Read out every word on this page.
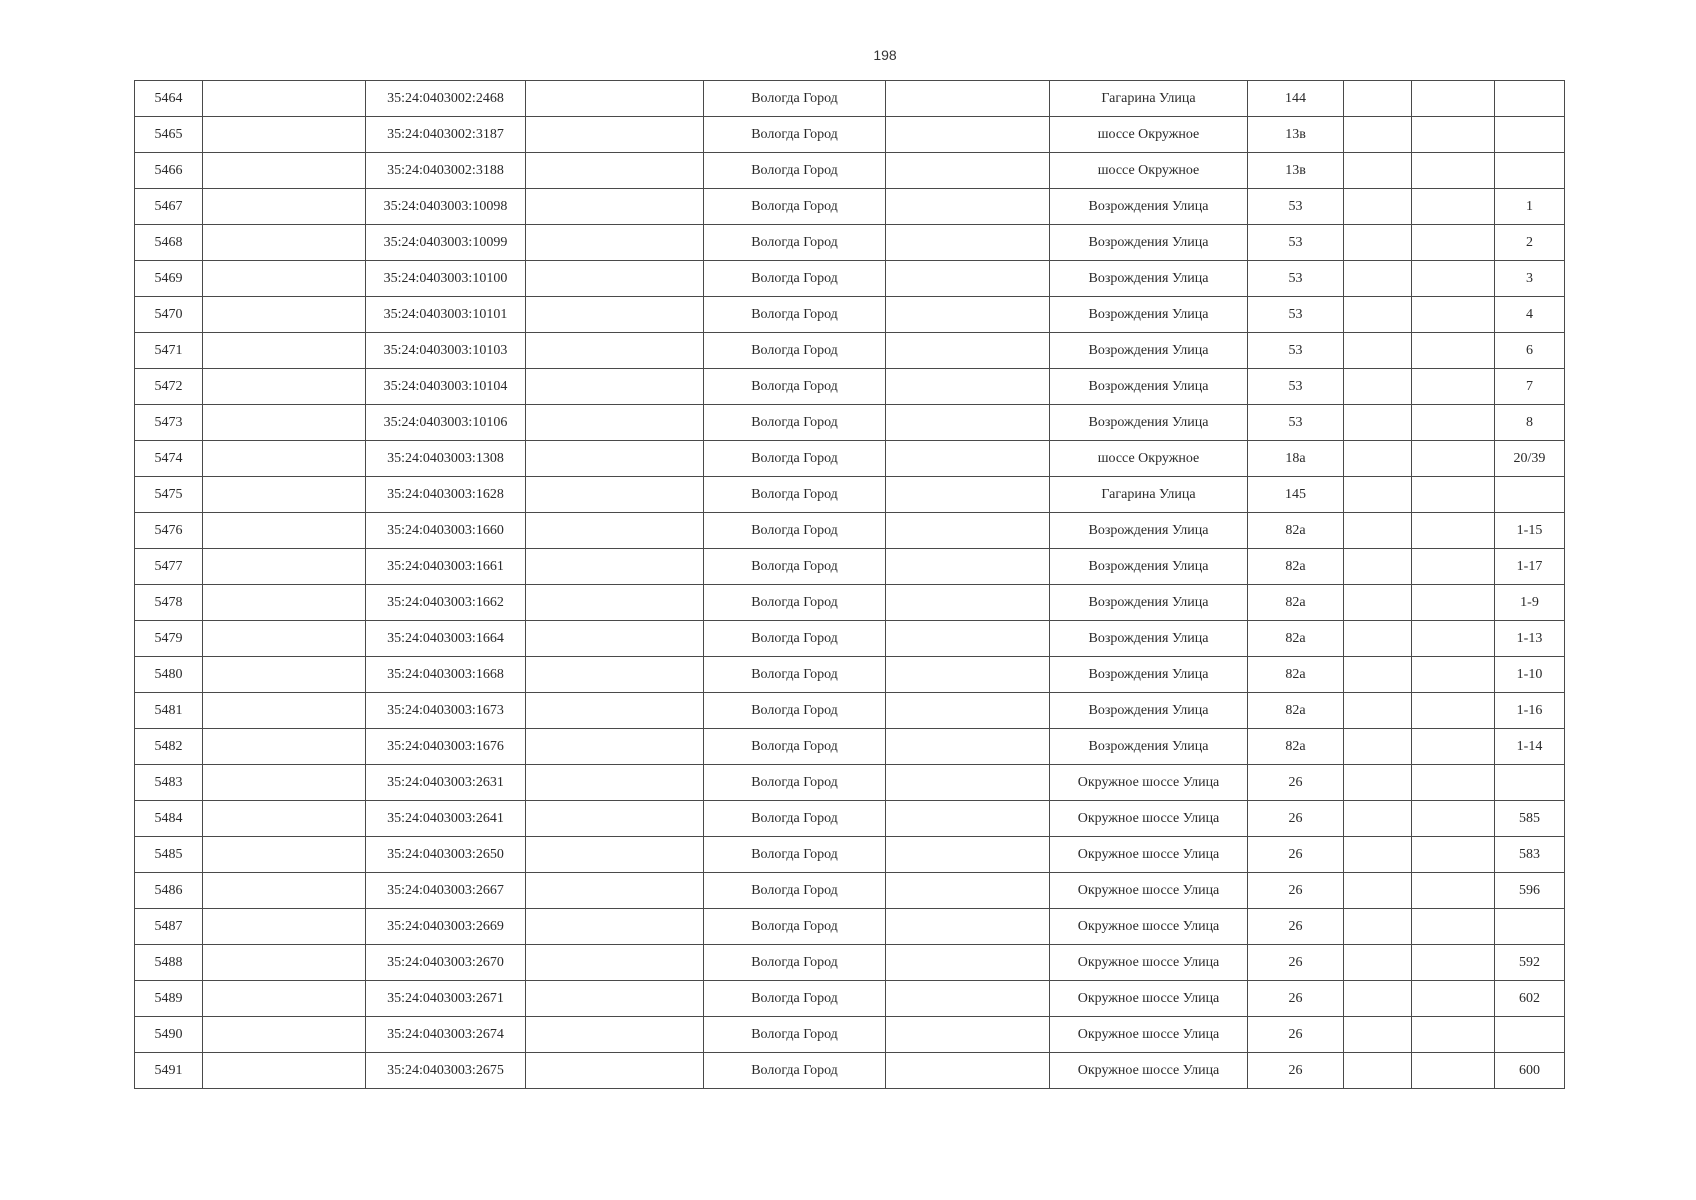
198
5464		35:24:0403002:2468		Вологда Город		Гагарина Улица	144			
5465		35:24:0403002:3187		Вологда Город		шоссе Окружное	13в			
5466		35:24:0403002:3188		Вологда Город		шоссе Окружное	13в			
5467		35:24:0403003:10098		Вологда Город		Возрождения Улица	53			1
5468		35:24:0403003:10099		Вологда Город		Возрождения Улица	53			2
5469		35:24:0403003:10100		Вологда Город		Возрождения Улица	53			3
5470		35:24:0403003:10101		Вологда Город		Возрождения Улица	53			4
5471		35:24:0403003:10103		Вологда Город		Возрождения Улица	53			6
5472		35:24:0403003:10104		Вологда Город		Возрождения Улица	53			7
5473		35:24:0403003:10106		Вологда Город		Возрождения Улица	53			8
5474		35:24:0403003:1308		Вологда Город		шоссе Окружное	18а			20/39
5475		35:24:0403003:1628		Вологда Город		Гагарина Улица	145			
5476		35:24:0403003:1660		Вологда Город		Возрождения Улица	82а			1-15
5477		35:24:0403003:1661		Вологда Город		Возрождения Улица	82а			1-17
5478		35:24:0403003:1662		Вологда Город		Возрождения Улица	82а			1-9
5479		35:24:0403003:1664		Вологда Город		Возрождения Улица	82а			1-13
5480		35:24:0403003:1668		Вологда Город		Возрождения Улица	82а			1-10
5481		35:24:0403003:1673		Вологда Город		Возрождения Улица	82а			1-16
5482		35:24:0403003:1676		Вологда Город		Возрождения Улица	82а			1-14
5483		35:24:0403003:2631		Вологда Город		Окружное шоссе Улица	26			
5484		35:24:0403003:2641		Вологда Город		Окружное шоссе Улица	26			585
5485		35:24:0403003:2650		Вологда Город		Окружное шоссе Улица	26			583
5486		35:24:0403003:2667		Вологда Город		Окружное шоссе Улица	26			596
5487		35:24:0403003:2669		Вологда Город		Окружное шоссе Улица	26			
5488		35:24:0403003:2670		Вологда Город		Окружное шоссе Улица	26			592
5489		35:24:0403003:2671		Вологда Город		Окружное шоссе Улица	26			602
5490		35:24:0403003:2674		Вологда Город		Окружное шоссе Улица	26			
5491		35:24:0403003:2675		Вологда Город		Окружное шоссе Улица	26			600
